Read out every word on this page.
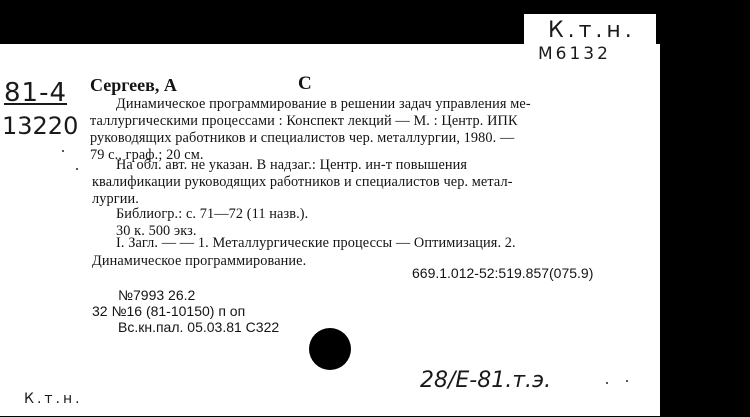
К.т.н.
M6132
81-4
13220
К.т.н.
28/Е-81.т.э.
Сергеев, А	С
Динамическое программирование в решении задач управления ме-
таллургическими процессами : Конспект лекций — М. : Центр. ИПК
руководящих работников и специалистов чер. металлургии, 1980. —
79 с., граф.; 20 см.
На обл. авт. не указан. В надзаг.: Центр. ин-т повышения
квалификации руководящих работников и специалистов чер. метал-
лургии.
Библиогр.: с. 71—72 (11 назв.).
30 к. 500 экз.
I. Загл. — — 1. Металлургические процессы — Оптимизация. 2.
Динамическое программирование.
669.1.012-52:519.857(075.9)
№7993 26.2
32 №16 (81-10150) п оп
Вс.кн.пал. 05.03.81 С322
